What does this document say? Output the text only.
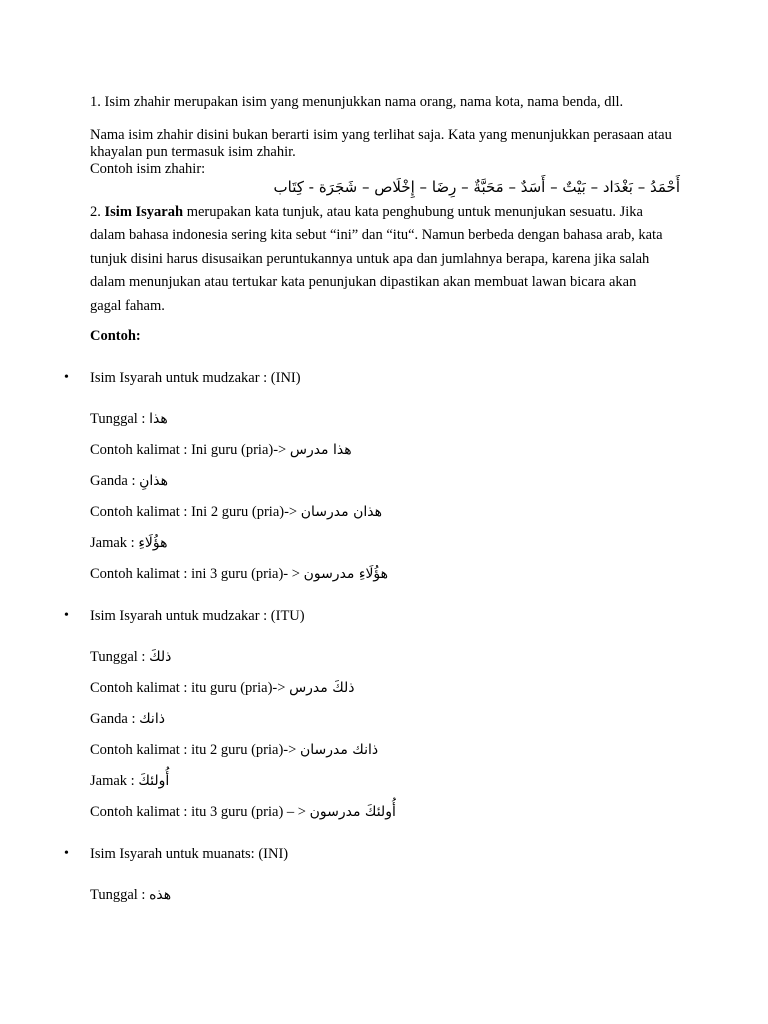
1. Isim zhahir merupakan isim yang menunjukkan nama orang, nama kota, nama benda, dll.

Nama isim zhahir disini bukan berarti isim yang terlihat saja. Kata yang menunjukkan perasaan atau khayalan pun termasuk isim zhahir.
Contoh isim zhahir:

أَحْمَدُ – بَغْدَاد – بَيْتٌ – أَسَدٌ – مَحَبَّةٌ – رِضَا – إِخْلَاص – شَجَرَة - كِتَاب

2. Isim Isyarah merupakan kata tunjuk, atau kata penghubung untuk menunjukan sesuatu. Jika dalam bahasa indonesia sering kita sebut “ini” dan “itu“. Namun berbeda dengan bahasa arab, kata tunjuk disini harus disusaikan peruntukannya untuk apa dan jumlahnya berapa, karena jika salah dalam menunjukan atau tertukar kata penunjukan dipastikan akan membuat lawan bicara akan gagal faham.

Contoh:
• Isim Isyarah untuk mudzakar : (INI)
Tunggal : هذا
Contoh kalimat : Ini guru (pria)-> هذا مدرس
Ganda : هذانِ
Contoh kalimat : Ini 2 guru (pria)-> هذان مدرسان
Jamak : هؤُلَاءِ
Contoh kalimat : ini 3 guru (pria)- > هؤُلَاءِ مدرسون
• Isim Isyarah untuk mudzakar : (ITU)
Tunggal : ذلكَ
Contoh kalimat : itu guru (pria)-> ذلكَ مدرس
Ganda : ذانك
Contoh kalimat : itu 2 guru (pria)-> ذانك مدرسان
Jamak : أُولئكَ
Contoh kalimat : itu 3 guru (pria) – > أُولئكَ مدرسون
• Isim Isyarah untuk muanats: (INI)
Tunggal : هذه
